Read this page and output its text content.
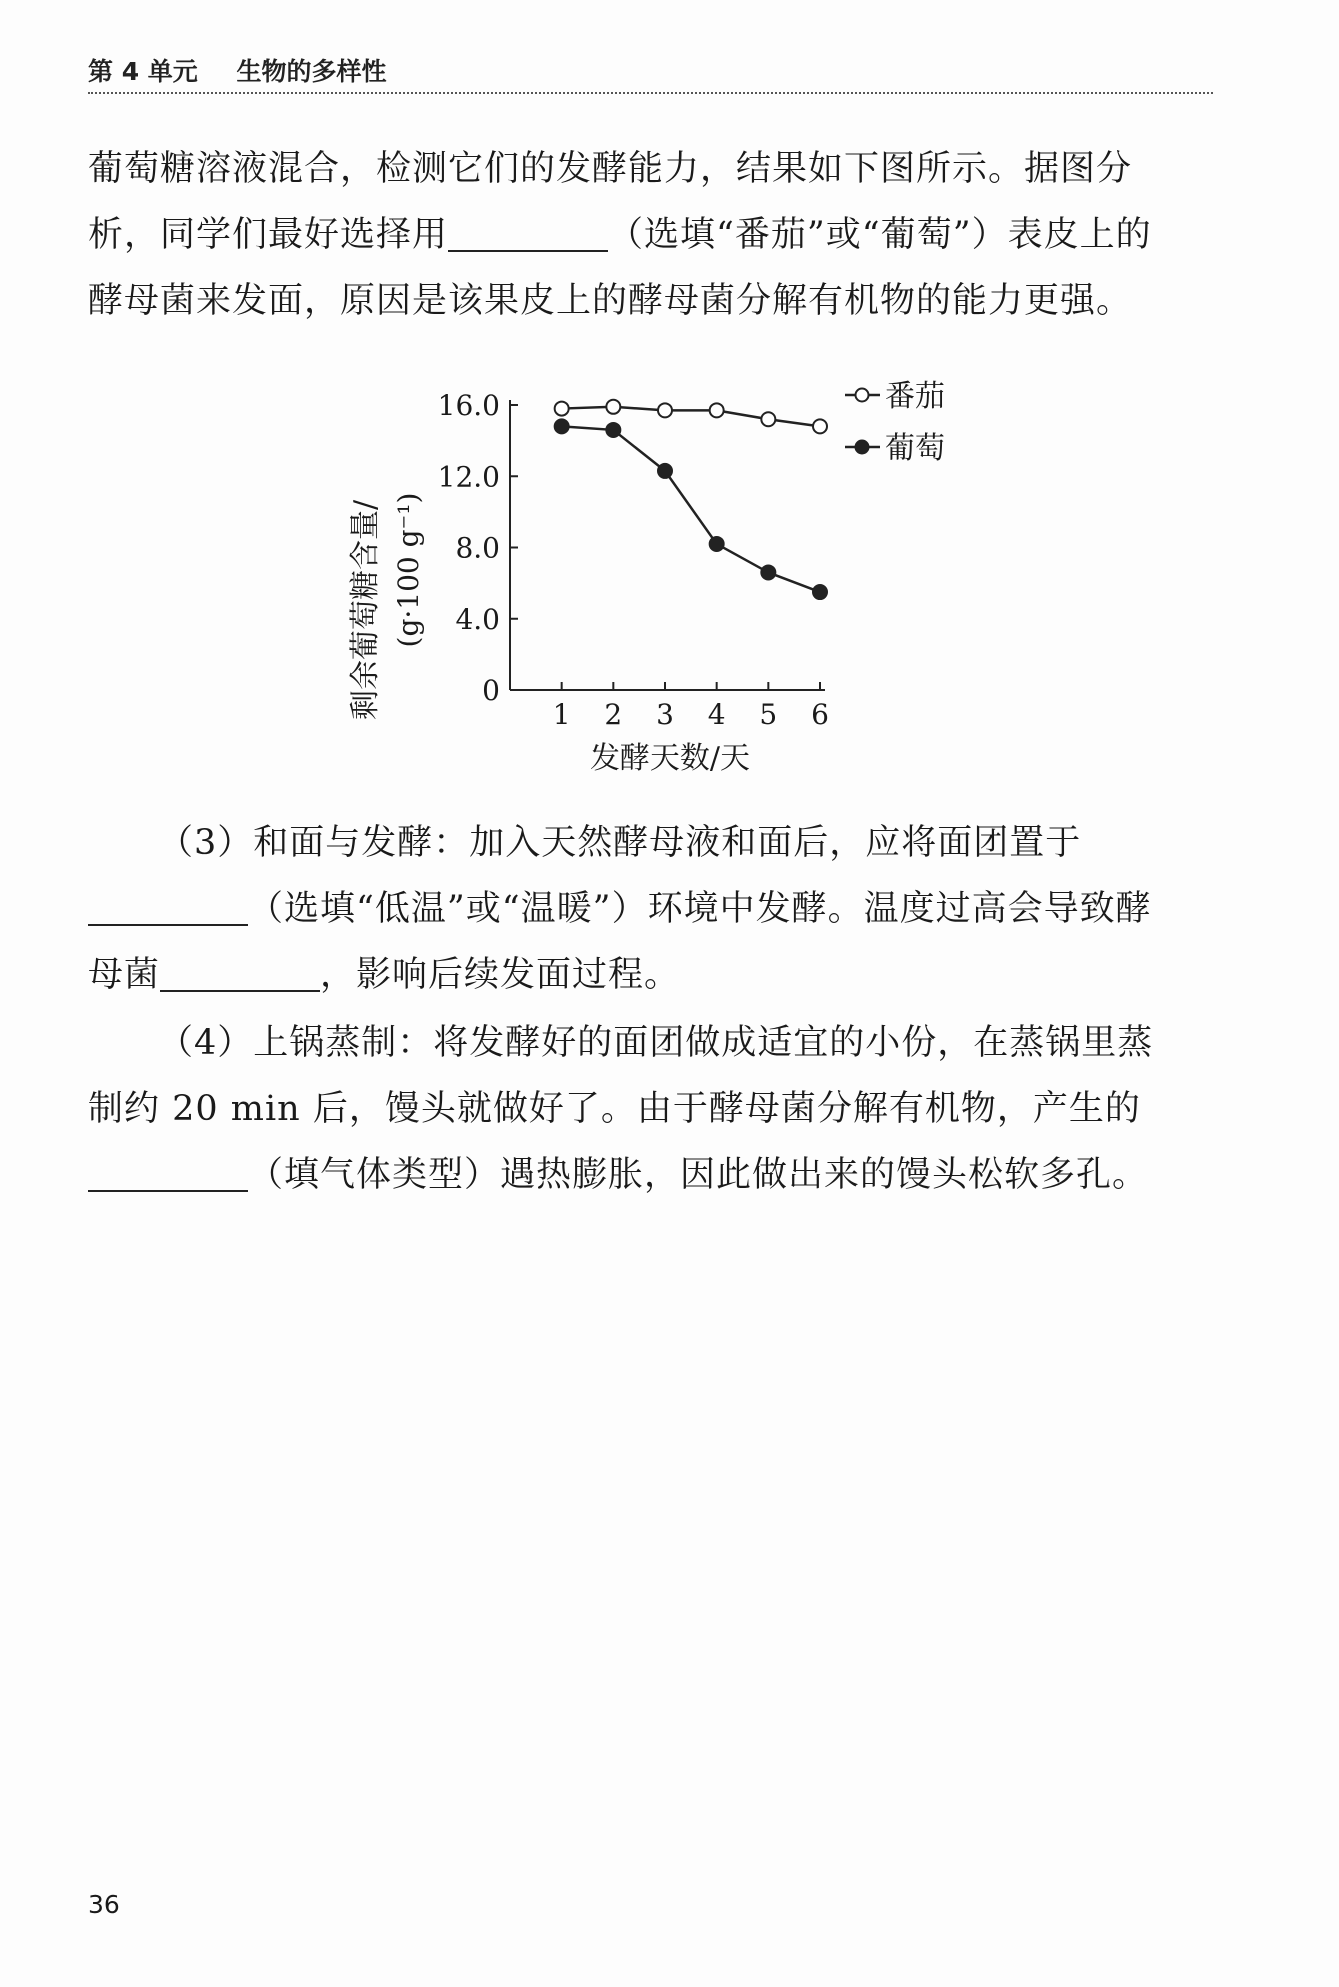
第 4 单元 生物的多样性
葡萄糖溶液混合，检测它们的发酵能力，结果如下图所示。据图分
析，同学们最好选择用	（选填“番茄”或“葡萄”）表皮上的
酵母菌来发面，原因是该果皮上的酵母菌分解有机物的能力更强。
0
4.0
8.0
12.0
16.0
1 2 3 4 5 6
番茄
葡萄
剩余葡萄糖含量/ (g·100 g⁻¹)
发酵天数/天
（3）和面与发酵：加入天然酵母液和面后，应将面团置于
（选填“低温”或“温暖”）环境中发酵。温度过高会导致酵
母菌	，影响后续发面过程。
（4）上锅蒸制：将发酵好的面团做成适宜的小份，在蒸锅里蒸
制约 20 min 后，馒头就做好了。由于酵母菌分解有机物，产生的
（填气体类型）遇热膨胀，因此做出来的馒头松软多孔。
36
